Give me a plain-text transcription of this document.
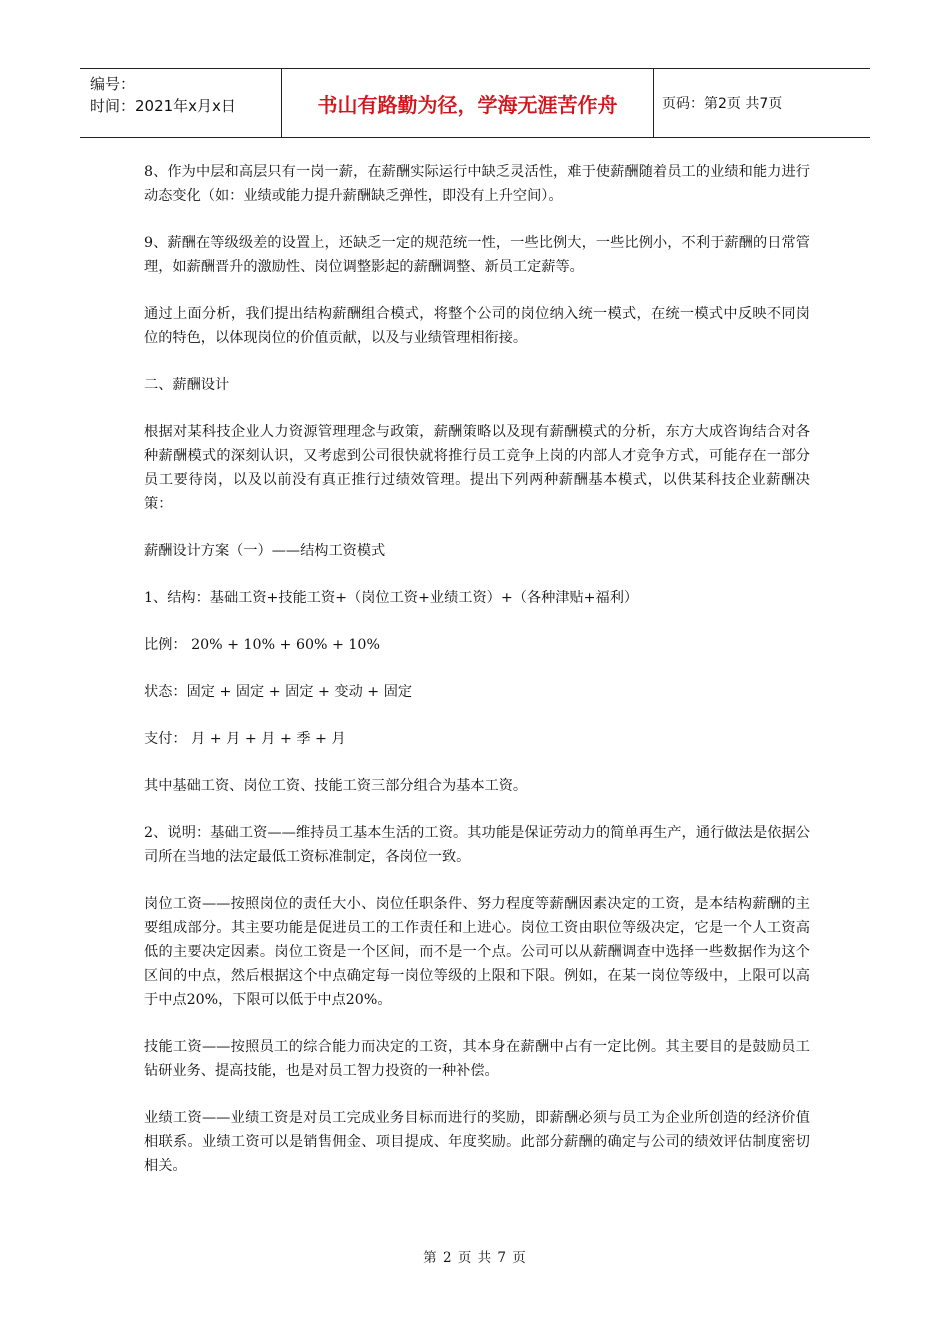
编号：
时间：2021年x月x日	书山有路勤为径，学海无涯苦作舟	页码：第2页 共7页

8、作为中层和高层只有一岗一薪，在薪酬实际运行中缺乏灵活性，难于使薪酬随着员工的业绩和能力进行动态变化（如：业绩或能力提升薪酬缺乏弹性，即没有上升空间）。

9、薪酬在等级级差的设置上，还缺乏一定的规范统一性，一些比例大，一些比例小，不利于薪酬的日常管理，如薪酬晋升的激励性、岗位调整影起的薪酬调整、新员工定薪等。

通过上面分析，我们提出结构薪酬组合模式，将整个公司的岗位纳入统一模式，在统一模式中反映不同岗位的特色，以体现岗位的价值贡献，以及与业绩管理相衔接。

二、薪酬设计

根据对某科技企业人力资源管理理念与政策，薪酬策略以及现有薪酬模式的分析，东方大成咨询结合对各种薪酬模式的深刻认识，又考虑到公司很快就将推行员工竞争上岗的内部人才竞争方式，可能存在一部分员工要待岗，以及以前没有真正推行过绩效管理。提出下列两种薪酬基本模式，以供某科技企业薪酬决策：

薪酬设计方案（一）——结构工资模式

1、结构：基础工资+技能工资+（岗位工资+业绩工资）+（各种津贴+福利）

比例： 20% + 10% + 60% + 10%

状态：固定 + 固定 + 固定 + 变动 + 固定

支付： 月 + 月 + 月 + 季 + 月

其中基础工资、岗位工资、技能工资三部分组合为基本工资。

2、说明：基础工资——维持员工基本生活的工资。其功能是保证劳动力的简单再生产，通行做法是依据公司所在当地的法定最低工资标准制定，各岗位一致。

岗位工资——按照岗位的责任大小、岗位任职条件、努力程度等薪酬因素决定的工资，是本结构薪酬的主要组成部分。其主要功能是促进员工的工作责任和上进心。岗位工资由职位等级决定，它是一个人工资高低的主要决定因素。岗位工资是一个区间，而不是一个点。公司可以从薪酬调查中选择一些数据作为这个区间的中点，然后根据这个中点确定每一岗位等级的上限和下限。例如，在某一岗位等级中，上限可以高于中点20%，下限可以低于中点20%。

技能工资——按照员工的综合能力而决定的工资，其本身在薪酬中占有一定比例。其主要目的是鼓励员工钻研业务、提高技能，也是对员工智力投资的一种补偿。

业绩工资——业绩工资是对员工完成业务目标而进行的奖励，即薪酬必须与员工为企业所创造的经济价值相联系。业绩工资可以是销售佣金、项目提成、年度奖励。此部分薪酬的确定与公司的绩效评估制度密切相关。

第 2 页 共 7 页
